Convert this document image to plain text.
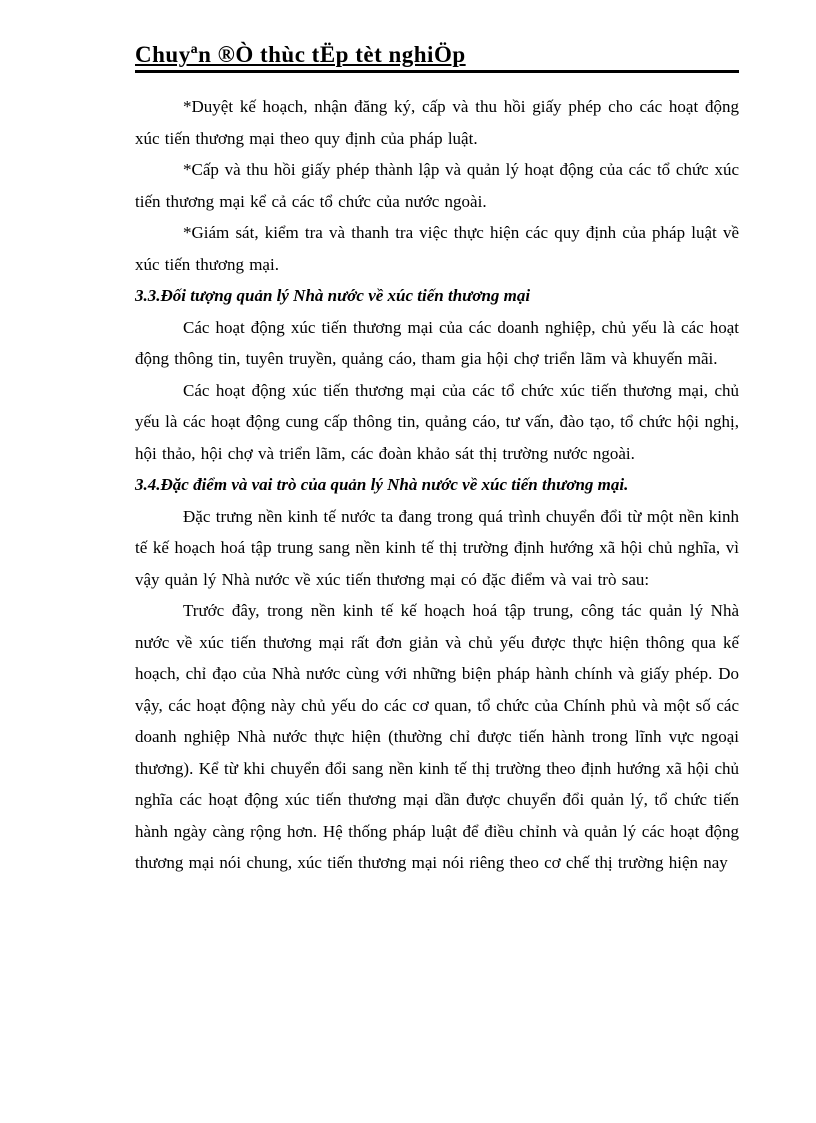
Chuyªn ®Ò thùc tËp tèt nghiÖp

*Duyệt kế hoạch, nhận đăng ký, cấp và thu hồi giấy phép cho các hoạt động xúc tiến thương mại theo quy định của pháp luật.

*Cấp và thu hồi giấy phép thành lập và quản lý hoạt động của các tổ chức xúc tiến thương mại kể cả các tổ chức của nước ngoài.

*Giám sát, kiểm tra và thanh tra việc thực hiện các quy định của pháp luật về xúc tiến thương mại.

3.3.Đối tượng quản lý Nhà nước về xúc tiến thương mại

Các hoạt động xúc tiến thương mại của các doanh nghiệp, chủ yếu là các hoạt động thông tin, tuyên truyền, quảng cáo, tham gia hội chợ triển lãm và khuyến mãi.

Các hoạt động xúc tiến thương mại của các tổ chức xúc tiến thương mại, chủ yếu là các hoạt động cung cấp thông tin, quảng cáo, tư vấn, đào tạo, tổ chức hội nghị, hội thảo, hội chợ và triển lãm, các đoàn khảo sát thị trường nước ngoài.

3.4.Đặc điểm và vai trò của quản lý Nhà nước về xúc tiến thương mại.

Đặc trưng nền kinh tế nước ta đang trong quá trình chuyển đổi từ một nền kinh tế kế hoạch hoá tập trung sang nền kinh tế thị trường định hướng xã hội chủ nghĩa, vì vậy quản lý Nhà nước về xúc tiến thương mại có đặc điểm và vai trò sau:

Trước đây, trong nền kinh tế kế hoạch hoá tập trung, công tác quản lý Nhà nước về xúc tiến thương mại rất đơn giản và chủ yếu được thực hiện thông qua kế hoạch, chỉ đạo của Nhà nước cùng với những biện pháp hành chính và giấy phép. Do vậy, các hoạt động này chủ yếu do các cơ quan, tổ chức của Chính phủ và một số các doanh nghiệp Nhà nước thực hiện (thường chỉ được tiến hành trong lĩnh vực ngoại thương). Kể từ khi chuyển đổi sang nền kinh tế thị trường theo định hướng xã hội chủ nghĩa các hoạt động xúc tiến thương mại dần được chuyển đổi quản lý, tổ chức tiến hành ngày càng rộng hơn. Hệ thống pháp luật để điều chỉnh và quản lý các hoạt động thương mại nói chung, xúc tiến thương mại nói riêng theo cơ chế thị trường hiện nay
